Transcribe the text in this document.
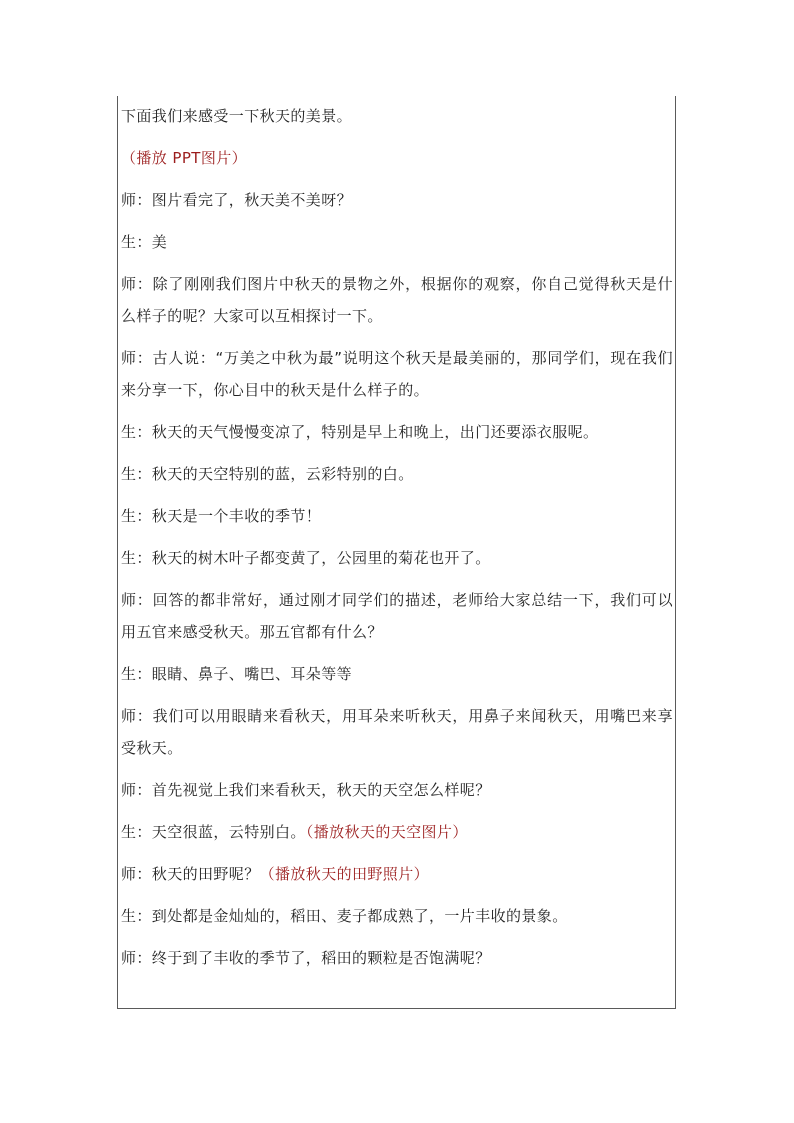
下面我们来感受一下秋天的美景。

（播放 PPT图片）

师：图片看完了，秋天美不美呀？

生：美

师：除了刚刚我们图片中秋天的景物之外，根据你的观察，你自己觉得秋天是什么样子的呢？大家可以互相探讨一下。

师：古人说：“万美之中秋为最”说明这个秋天是最美丽的，那同学们，现在我们来分享一下，你心目中的秋天是什么样子的。

生：秋天的天气慢慢变凉了，特别是早上和晚上，出门还要添衣服呢。

生：秋天的天空特别的蓝，云彩特别的白。

生：秋天是一个丰收的季节！

生：秋天的树木叶子都变黄了，公园里的菊花也开了。

师：回答的都非常好，通过刚才同学们的描述，老师给大家总结一下，我们可以用五官来感受秋天。那五官都有什么？

生：眼睛、鼻子、嘴巴、耳朵等等

师：我们可以用眼睛来看秋天，用耳朵来听秋天，用鼻子来闻秋天，用嘴巴来享受秋天。

师：首先视觉上我们来看秋天，秋天的天空怎么样呢？

生：天空很蓝，云特别白。（播放秋天的天空图片）

师：秋天的田野呢？（播放秋天的田野照片）

生：到处都是金灿灿的，稻田、麦子都成熟了，一片丰收的景象。

师：终于到了丰收的季节了，稻田的颗粒是否饱满呢？
